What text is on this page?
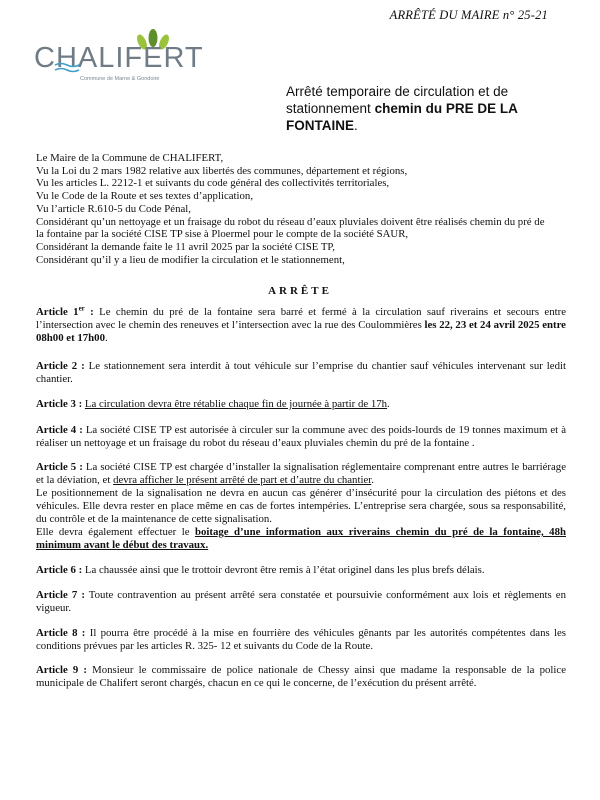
ARRÊTÉ DU MAIRE n° 25-21
CHALIFERT
Commune de Marne & Gondoire
Arrêté temporaire de circulation et de
stationnement chemin du PRE DE LA FONTAINE.
Le Maire de la Commune de CHALIFERT,
Vu la Loi du 2 mars 1982 relative aux libertés des communes, département et régions,
Vu les articles L. 2212-1 et suivants du code général des collectivités territoriales,
Vu le Code de la Route et ses textes d’application,
Vu l’article R.610-5 du Code Pénal,
Considérant qu’un nettoyage et un fraisage du robot du réseau d’eaux pluviales doivent être réalisés chemin du pré de
la fontaine par la société CISE TP sise à Ploermel pour le compte de la société SAUR,
Considérant la demande faite le 11 avril 2025 par la société CISE TP,
Considérant qu’il y a lieu de modifier la circulation et le stationnement,
ARRÊTE
Article 1er : Le chemin du pré de la fontaine sera barré et fermé à la circulation sauf riverains et secours entre l’intersection avec le chemin des reneuves et l’intersection avec la rue des Coulommières les 22, 23 et 24 avril 2025 entre 08h00 et 17h00.
Article 2 : Le stationnement sera interdit à tout véhicule sur l’emprise du chantier sauf véhicules intervenant sur ledit chantier.
Article 3 : La circulation devra être rétablie chaque fin de journée à partir de 17h.
Article 4 : La société CISE TP est autorisée à circuler sur la commune avec des poids-lourds de 19 tonnes maximum et à réaliser un nettoyage et un fraisage du robot du réseau d’eaux pluviales chemin du pré de la fontaine .
Article 5 : La société CISE TP est chargée d’installer la signalisation réglementaire comprenant entre autres le barriérage et la déviation, et devra afficher le présent arrêté de part et d’autre du chantier.
Le positionnement de la signalisation ne devra en aucun cas générer d’insécurité pour la circulation des piétons et des véhicules. Elle devra rester en place même en cas de fortes intempéries. L’entreprise sera chargée, sous sa responsabilité, du contrôle et de la maintenance de cette signalisation.
Elle devra également effectuer le boitage d’une information aux riverains chemin du pré de la fontaine, 48h minimum avant le début des travaux.
Article 6 : La chaussée ainsi que le trottoir devront être remis à l’état originel dans les plus brefs délais.
Article 7 : Toute contravention au présent arrêté sera constatée et poursuivie conformément aux lois et règlements en vigueur.
Article 8 : Il pourra être procédé à la mise en fourrière des véhicules gênants par les autorités compétentes dans les conditions prévues par les articles R. 325- 12 et suivants du Code de la Route.
Article 9 : Monsieur le commissaire de police nationale de Chessy ainsi que madame la responsable de la police municipale de Chalifert seront chargés, chacun en ce qui le concerne, de l’exécution du présent arrêté.
